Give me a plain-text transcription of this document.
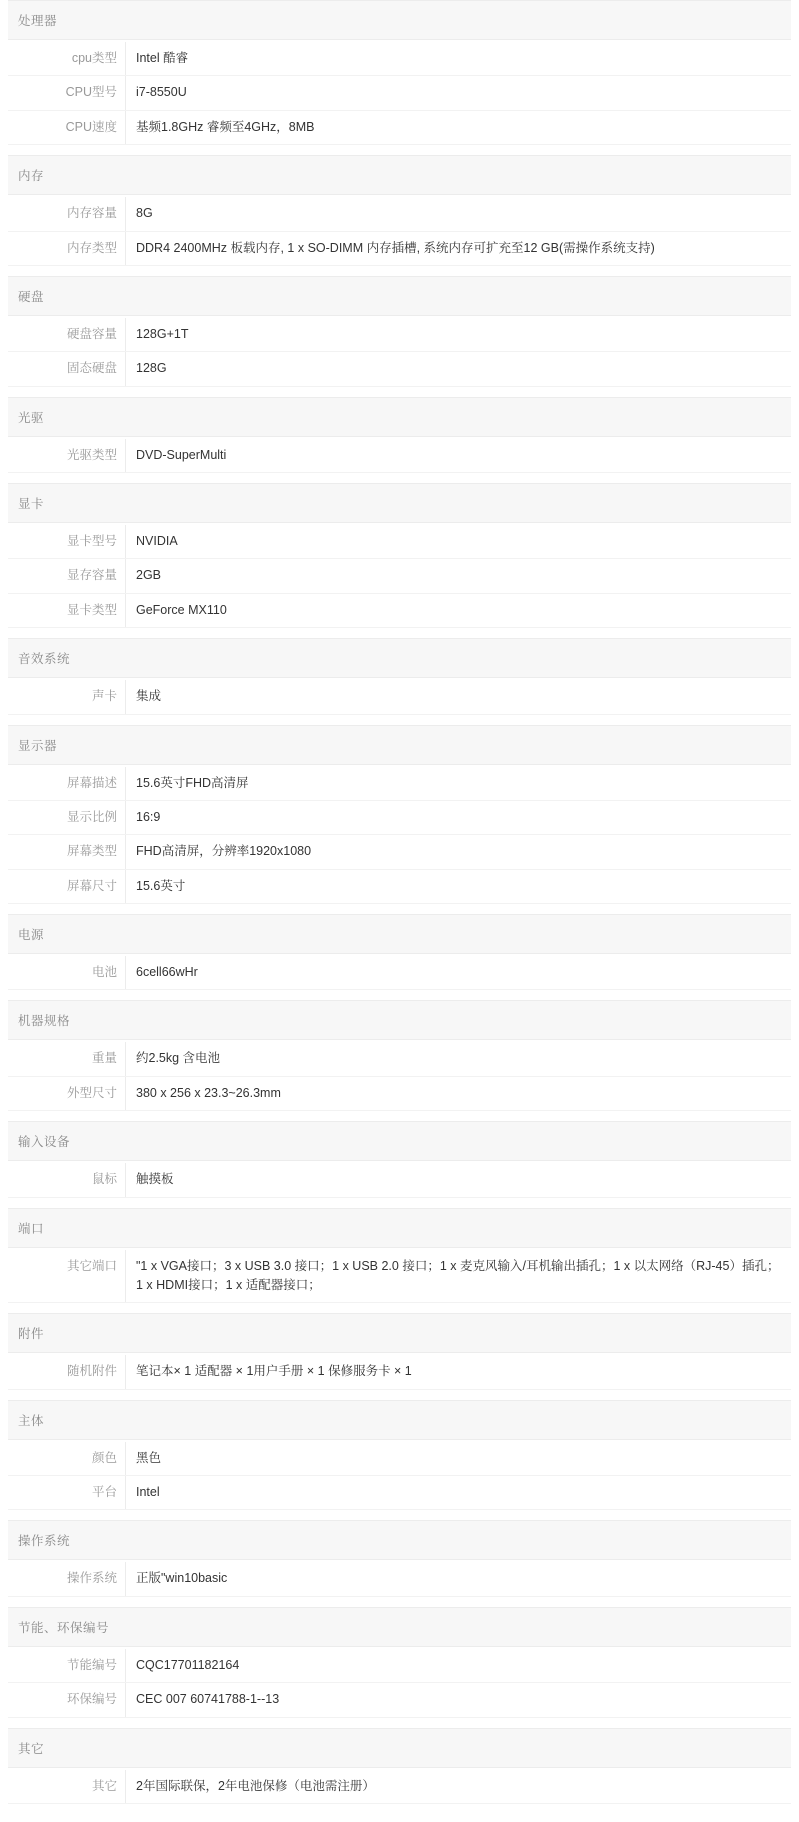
处理器
cpu类型	Intel 酷睿
CPU型号	i7-8550U
CPU速度	基频1.8GHz 睿频至4GHz，8MB
内存
内存容量	8G
内存类型	DDR4 2400MHz 板载内存, 1 x SO-DIMM 内存插槽, 系统内存可扩充至12 GB(需操作系统支持)
硬盘
硬盘容量	128G+1T
固态硬盘	128G
光驱
光驱类型	DVD-SuperMulti
显卡
显卡型号	NVIDIA
显存容量	2GB
显卡类型	GeForce MX110
音效系统
声卡	集成
显示器
屏幕描述	15.6英寸FHD高清屏
显示比例	16:9
屏幕类型	FHD高清屏，分辨率1920x1080
屏幕尺寸	15.6英寸
电源
电池	6cell66wHr
机器规格
重量	约2.5kg 含电池
外型尺寸	380 x 256 x 23.3~26.3mm
输入设备
鼠标	触摸板
端口
其它端口	"1 x VGA接口；3 x USB 3.0 接口；1 x USB 2.0 接口；1 x 麦克风输入/耳机输出插孔；1 x 以太网络（RJ-45）插孔；1 x HDMI接口；1 x 适配器接口；
附件
随机附件	笔记本× 1 适配器 × 1用户手册 × 1 保修服务卡 × 1
主体
颜色	黑色
平台	Intel
操作系统
操作系统	正版"win10basic
节能、环保编号
节能编号	CQC17701182164
环保编号	CEC 007 60741788-1--13
其它
其它	2年国际联保，2年电池保修（电池需注册）
